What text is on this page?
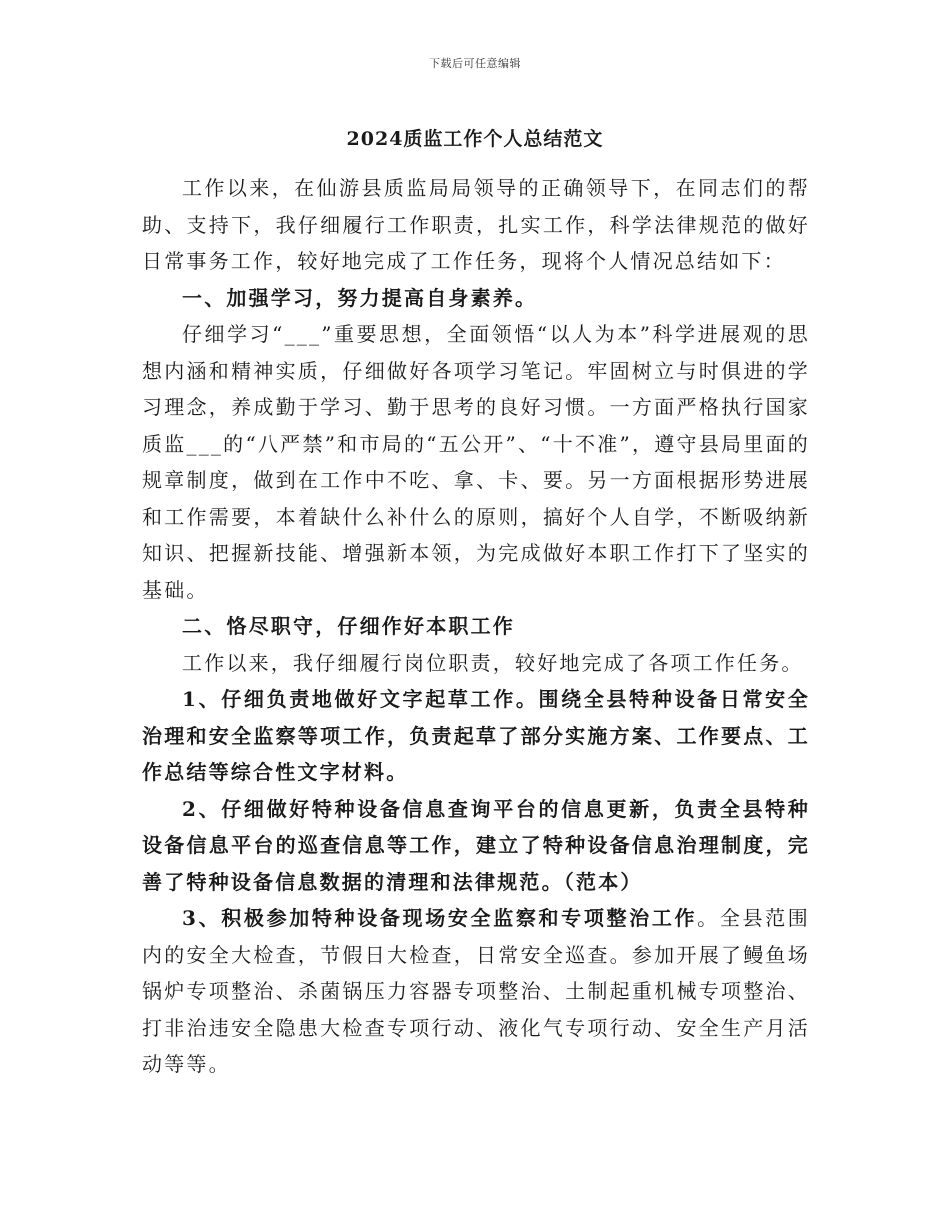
下载后可任意编辑
2024质监工作个人总结范文

工作以来，在仙游县质监局局领导的正确领导下，在同志们的帮助、支持下，我仔细履行工作职责，扎实工作，科学法律规范的做好日常事务工作，较好地完成了工作任务，现将个人情况总结如下：

一、加强学习，努力提高自身素养。

仔细学习“___”重要思想，全面领悟“以人为本”科学进展观的思想内涵和精神实质，仔细做好各项学习笔记。牢固树立与时俱进的学习理念，养成勤于学习、勤于思考的良好习惯。一方面严格执行国家质监___的“八严禁”和市局的“五公开”、“十不准”，遵守县局里面的规章制度，做到在工作中不吃、拿、卡、要。另一方面根据形势进展和工作需要，本着缺什么补什么的原则，搞好个人自学，不断吸纳新知识、把握新技能、增强新本领，为完成做好本职工作打下了坚实的基础。

二、恪尽职守，仔细作好本职工作

工作以来，我仔细履行岗位职责，较好地完成了各项工作任务。

1、仔细负责地做好文字起草工作。围绕全县特种设备日常安全治理和安全监察等项工作，负责起草了部分实施方案、工作要点、工作总结等综合性文字材料。

2、仔细做好特种设备信息查询平台的信息更新，负责全县特种设备信息平台的巡查信息等工作，建立了特种设备信息治理制度，完善了特种设备信息数据的清理和法律规范。（范本）

3、积极参加特种设备现场安全监察和专项整治工作。全县范围内的安全大检查，节假日大检查，日常安全巡查。参加开展了鳗鱼场锅炉专项整治、杀菌锅压力容器专项整治、土制起重机械专项整治、打非治违安全隐患大检查专项行动、液化气专项行动、安全生产月活动等等。
